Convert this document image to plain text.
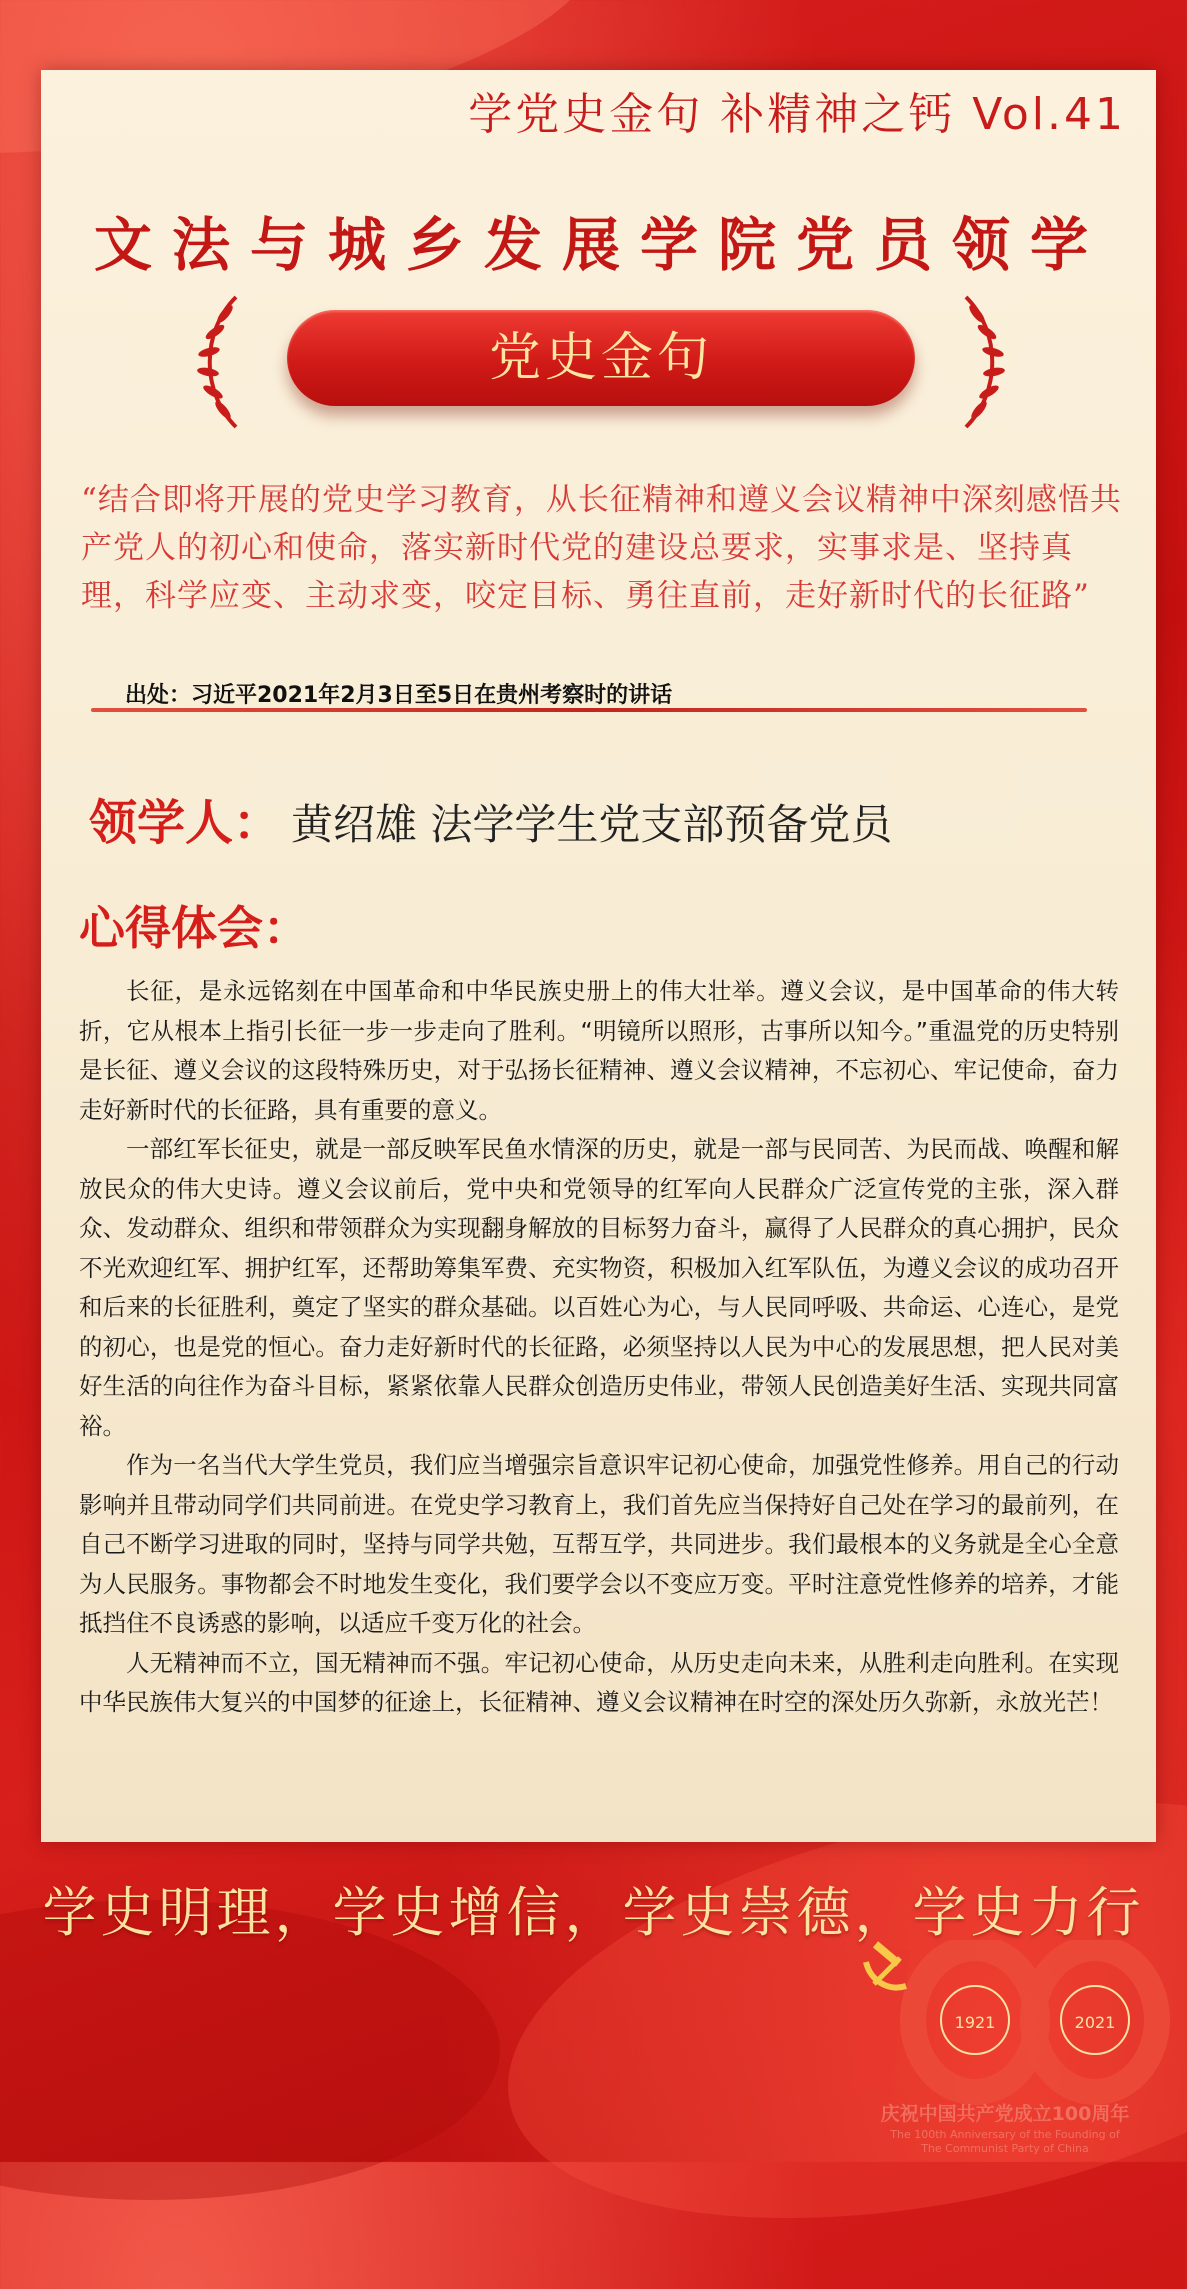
学党史金句 补精神之钙 Vol.41
文法与城乡发展学院党员领学
党史金句
“结合即将开展的党史学习教育，从长征精神和遵义会议精神中深刻感悟共产党人的初心和使命，落实新时代党的建设总要求，实事求是、坚持真理，科学应变、主动求变，咬定目标、勇往直前，走好新时代的长征路”
出处：习近平2021年2月3日至5日在贵州考察时的讲话
领学人： 黄绍雄 法学学生党支部预备党员
心得体会：

长征，是永远铭刻在中国革命和中华民族史册上的伟大壮举。遵义会议，是中国革命的伟大转折，它从根本上指引长征一步一步走向了胜利。“明镜所以照形，古事所以知今。”重温党的历史特别是长征、遵义会议的这段特殊历史，对于弘扬长征精神、遵义会议精神，不忘初心、牢记使命，奋力走好新时代的长征路，具有重要的意义。

一部红军长征史，就是一部反映军民鱼水情深的历史，就是一部与民同苦、为民而战、唤醒和解放民众的伟大史诗。遵义会议前后，党中央和党领导的红军向人民群众广泛宣传党的主张，深入群众、发动群众、组织和带领群众为实现翻身解放的目标努力奋斗，赢得了人民群众的真心拥护，民众不光欢迎红军、拥护红军，还帮助筹集军费、充实物资，积极加入红军队伍，为遵义会议的成功召开和后来的长征胜利，奠定了坚实的群众基础。以百姓心为心，与人民同呼吸、共命运、心连心，是党的初心，也是党的恒心。奋力走好新时代的长征路，必须坚持以人民为中心的发展思想，把人民对美好生活的向往作为奋斗目标，紧紧依靠人民群众创造历史伟业，带领人民创造美好生活、实现共同富裕。

作为一名当代大学生党员，我们应当增强宗旨意识牢记初心使命，加强党性修养。用自己的行动影响并且带动同学们共同前进。在党史学习教育上，我们首先应当保持好自己处在学习的最前列，在自己不断学习进取的同时，坚持与同学共勉，互帮互学，共同进步。我们最根本的义务就是全心全意为人民服务。事物都会不时地发生变化，我们要学会以不变应万变。平时注意党性修养的培养，才能抵挡住不良诱惑的影响，以适应千变万化的社会。

人无精神而不立，国无精神而不强。牢记初心使命，从历史走向未来，从胜利走向胜利。在实现中华民族伟大复兴的中国梦的征途上，长征精神、遵义会议精神在时空的深处历久弥新，永放光芒！

学史明理，学史增信，学史崇德，学史力行
1921	2021
庆祝中国共产党成立100周年
The 100th Anniversary of the Founding of
The Communist Party of China
